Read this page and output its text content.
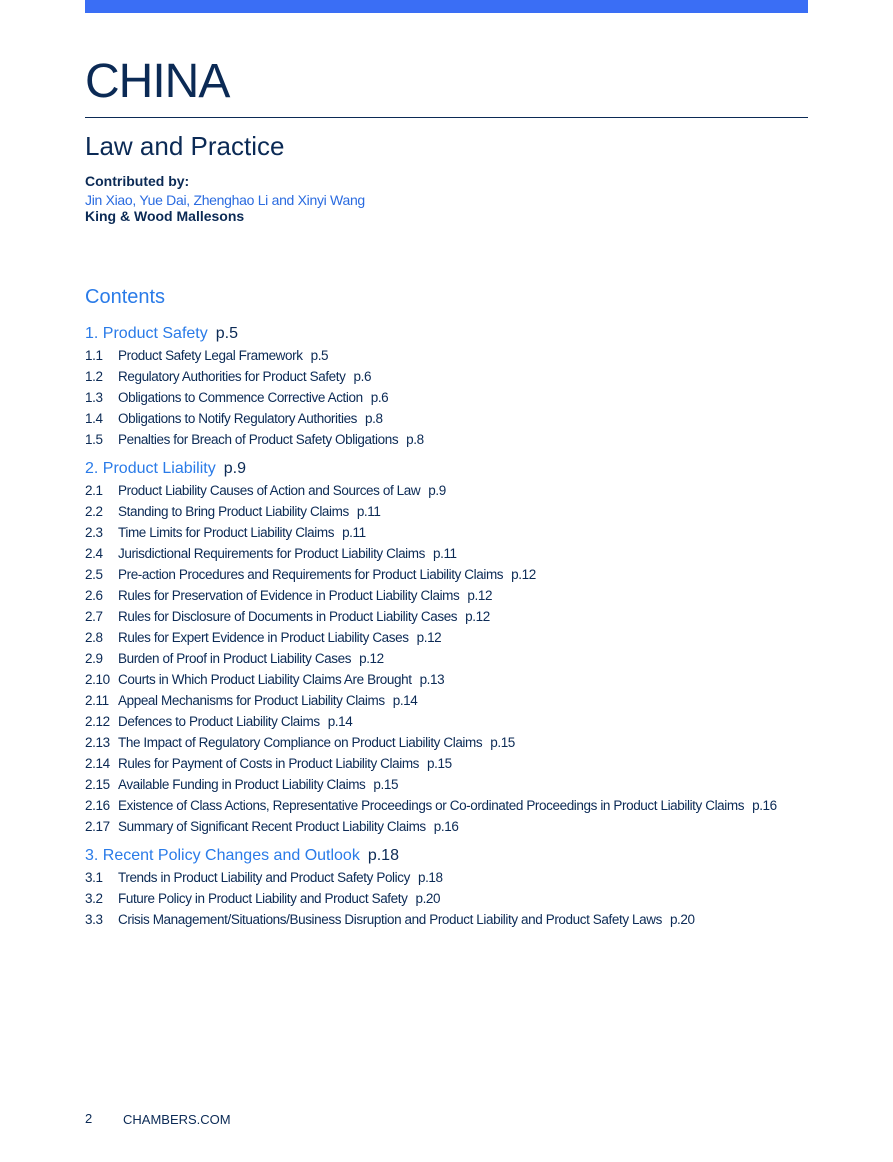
CHINA
Law and Practice
Contributed by:
Jin Xiao, Yue Dai, Zhenghao Li and Xinyi Wang
King & Wood Mallesons
Contents
1. Product Safety p.5
1.1	Product Safety Legal Framework p.5
1.2	Regulatory Authorities for Product Safety p.6
1.3	Obligations to Commence Corrective Action p.6
1.4	Obligations to Notify Regulatory Authorities p.8
1.5	Penalties for Breach of Product Safety Obligations p.8
2. Product Liability p.9
2.1	Product Liability Causes of Action and Sources of Law p.9
2.2	Standing to Bring Product Liability Claims p.11
2.3	Time Limits for Product Liability Claims p.11
2.4	Jurisdictional Requirements for Product Liability Claims p.11
2.5	Pre-action Procedures and Requirements for Product Liability Claims p.12
2.6	Rules for Preservation of Evidence in Product Liability Claims p.12
2.7	Rules for Disclosure of Documents in Product Liability Cases p.12
2.8	Rules for Expert Evidence in Product Liability Cases p.12
2.9	Burden of Proof in Product Liability Cases p.12
2.10 Courts in Which Product Liability Claims Are Brought p.13
2.11 Appeal Mechanisms for Product Liability Claims p.14
2.12 Defences to Product Liability Claims p.14
2.13 The Impact of Regulatory Compliance on Product Liability Claims p.15
2.14 Rules for Payment of Costs in Product Liability Claims p.15
2.15 Available Funding in Product Liability Claims p.15
2.16 Existence of Class Actions, Representative Proceedings or Co-ordinated Proceedings in Product Liability Claims p.16
2.17 Summary of Significant Recent Product Liability Claims p.16
3. Recent Policy Changes and Outlook p.18
3.1	Trends in Product Liability and Product Safety Policy p.18
3.2	Future Policy in Product Liability and Product Safety p.20
3.3	Crisis Management/Situations/Business Disruption and Product Liability and Product Safety Laws p.20
2 CHAMBERS.COM
